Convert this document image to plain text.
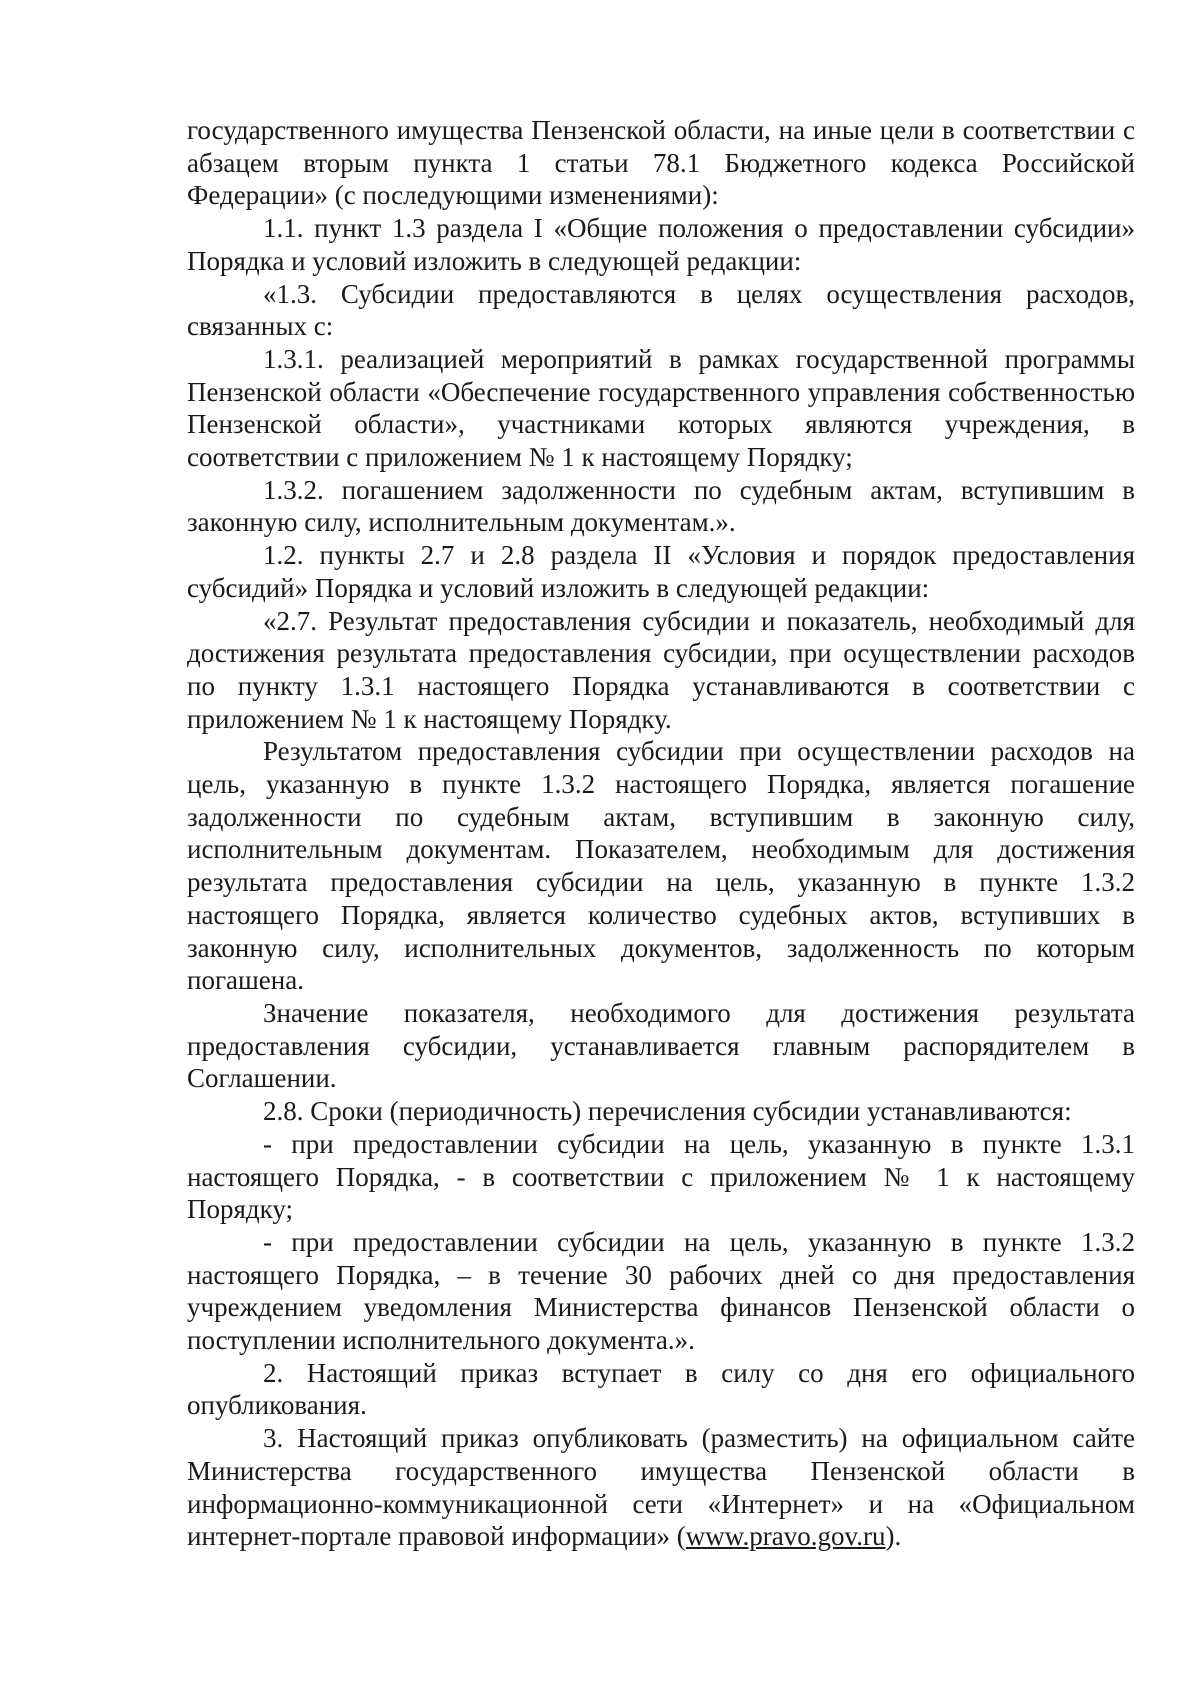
государственного имущества Пензенской области, на иные цели в соответствии с абзацем вторым пункта 1 статьи 78.1 Бюджетного кодекса Российской Федерации» (с последующими изменениями):

1.1. пункт 1.3 раздела I «Общие положения о предоставлении субсидии» Порядка и условий изложить в следующей редакции:

«1.3. Субсидии предоставляются в целях осуществления расходов, связанных с:

1.3.1. реализацией мероприятий в рамках государственной программы Пензенской области «Обеспечение государственного управления собственностью Пензенской области», участниками которых являются учреждения, в соответствии с приложением № 1 к настоящему Порядку;

1.3.2. погашением задолженности по судебным актам, вступившим в законную силу, исполнительным документам.».

1.2. пункты 2.7 и 2.8 раздела II «Условия и порядок предоставления субсидий» Порядка и условий изложить в следующей редакции:

«2.7. Результат предоставления субсидии и показатель, необходимый для достижения результата предоставления субсидии, при осуществлении расходов по пункту 1.3.1 настоящего Порядка устанавливаются в соответствии с приложением № 1 к настоящему Порядку.

Результатом предоставления субсидии при осуществлении расходов на цель, указанную в пункте 1.3.2 настоящего Порядка, является погашение задолженности по судебным актам, вступившим в законную силу, исполнительным документам. Показателем, необходимым для достижения результата предоставления субсидии на цель, указанную в пункте 1.3.2 настоящего Порядка, является количество судебных актов, вступивших в законную силу, исполнительных документов, задолженность по которым погашена.

Значение показателя, необходимого для достижения результата предоставления субсидии, устанавливается главным распорядителем в Соглашении.

2.8. Сроки (периодичность) перечисления субсидии устанавливаются:

- при предоставлении субсидии на цель, указанную в пункте 1.3.1 настоящего Порядка, - в соответствии с приложением № 1 к настоящему Порядку;

- при предоставлении субсидии на цель, указанную в пункте 1.3.2 настоящего Порядка, – в течение 30 рабочих дней со дня предоставления учреждением уведомления Министерства финансов Пензенской области о поступлении исполнительного документа.».

2. Настоящий приказ вступает в силу со дня его официального опубликования.

3. Настоящий приказ опубликовать (разместить) на официальном сайте Министерства государственного имущества Пензенской области в информационно-коммуникационной сети «Интернет» и на «Официальном интернет-портале правовой информации» (www.pravo.gov.ru).
